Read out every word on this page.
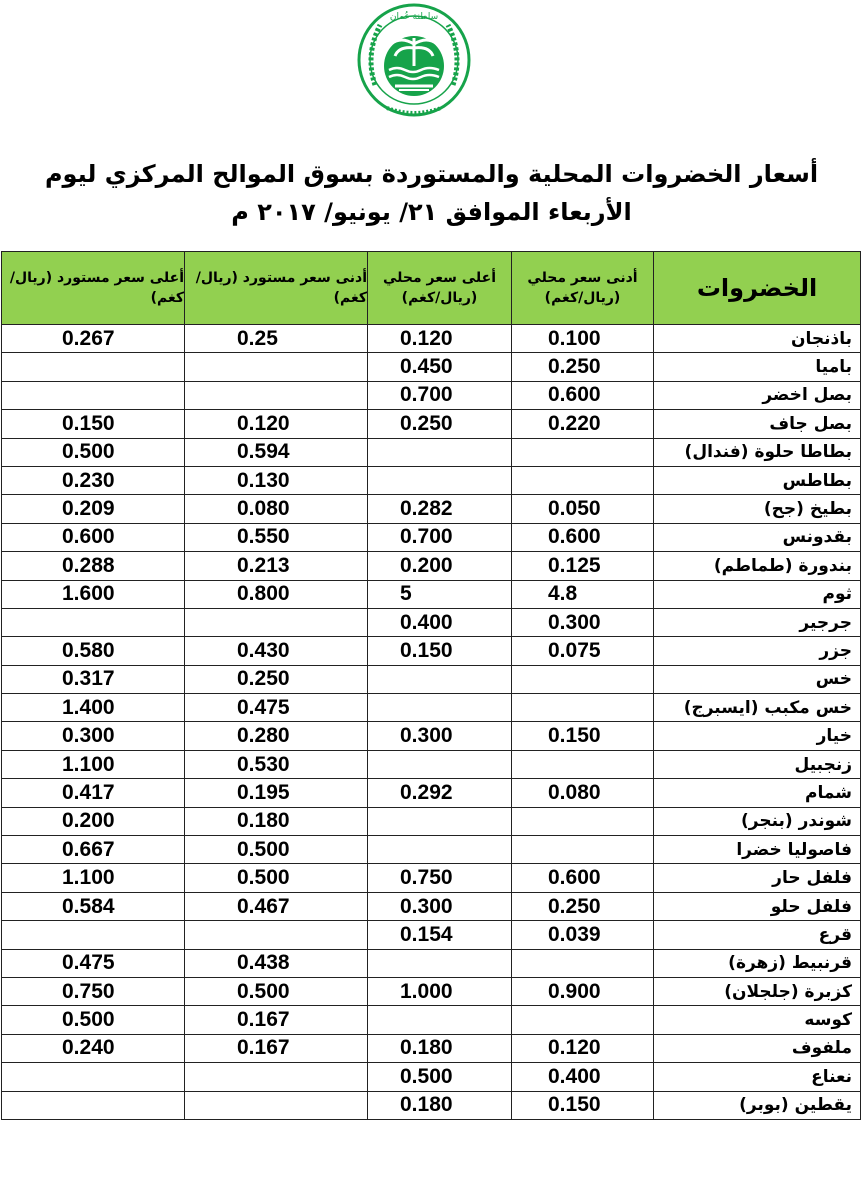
سلطنة عُمان
أسعار الخضروات المحلية والمستوردة بسوق الموالح المركزي ليوم
الأربعاء الموافق ٢١/ يونيو/ ٢٠١٧ م
الخضروات	أدنى سعر محلي (ريال/كغم)	أعلى سعر محلي (ريال/كغم)	أدنى سعر مستورد (ريال/كغم)	أعلى سعر مستورد (ريال/كغم)
باذنجان	0.100	0.120	0.25	0.267
باميا	0.250	0.450		
بصل اخضر	0.600	0.700		
بصل جاف	0.220	0.250	0.120	0.150
بطاطا حلوة (فندال)			0.594	0.500
بطاطس			0.130	0.230
بطيخ (جح)	0.050	0.282	0.080	0.209
بقدونس	0.600	0.700	0.550	0.600
بندورة (طماطم)	0.125	0.200	0.213	0.288
ثوم	4.8	5	0.800	1.600
جرجير	0.300	0.400		
جزر	0.075	0.150	0.430	0.580
خس			0.250	0.317
خس مكبب (ايسبرج)			0.475	1.400
خيار	0.150	0.300	0.280	0.300
زنجبيل			0.530	1.100
شمام	0.080	0.292	0.195	0.417
شوندر (بنجر)			0.180	0.200
فاصوليا خضرا			0.500	0.667
فلفل حار	0.600	0.750	0.500	1.100
فلفل حلو	0.250	0.300	0.467	0.584
قرع	0.039	0.154		
قرنبيط (زهرة)			0.438	0.475
كزبرة (جلجلان)	0.900	1.000	0.500	0.750
كوسه			0.167	0.500
ملفوف	0.120	0.180	0.167	0.240
نعناع	0.400	0.500		
يقطين (بوبر)	0.150	0.180		
